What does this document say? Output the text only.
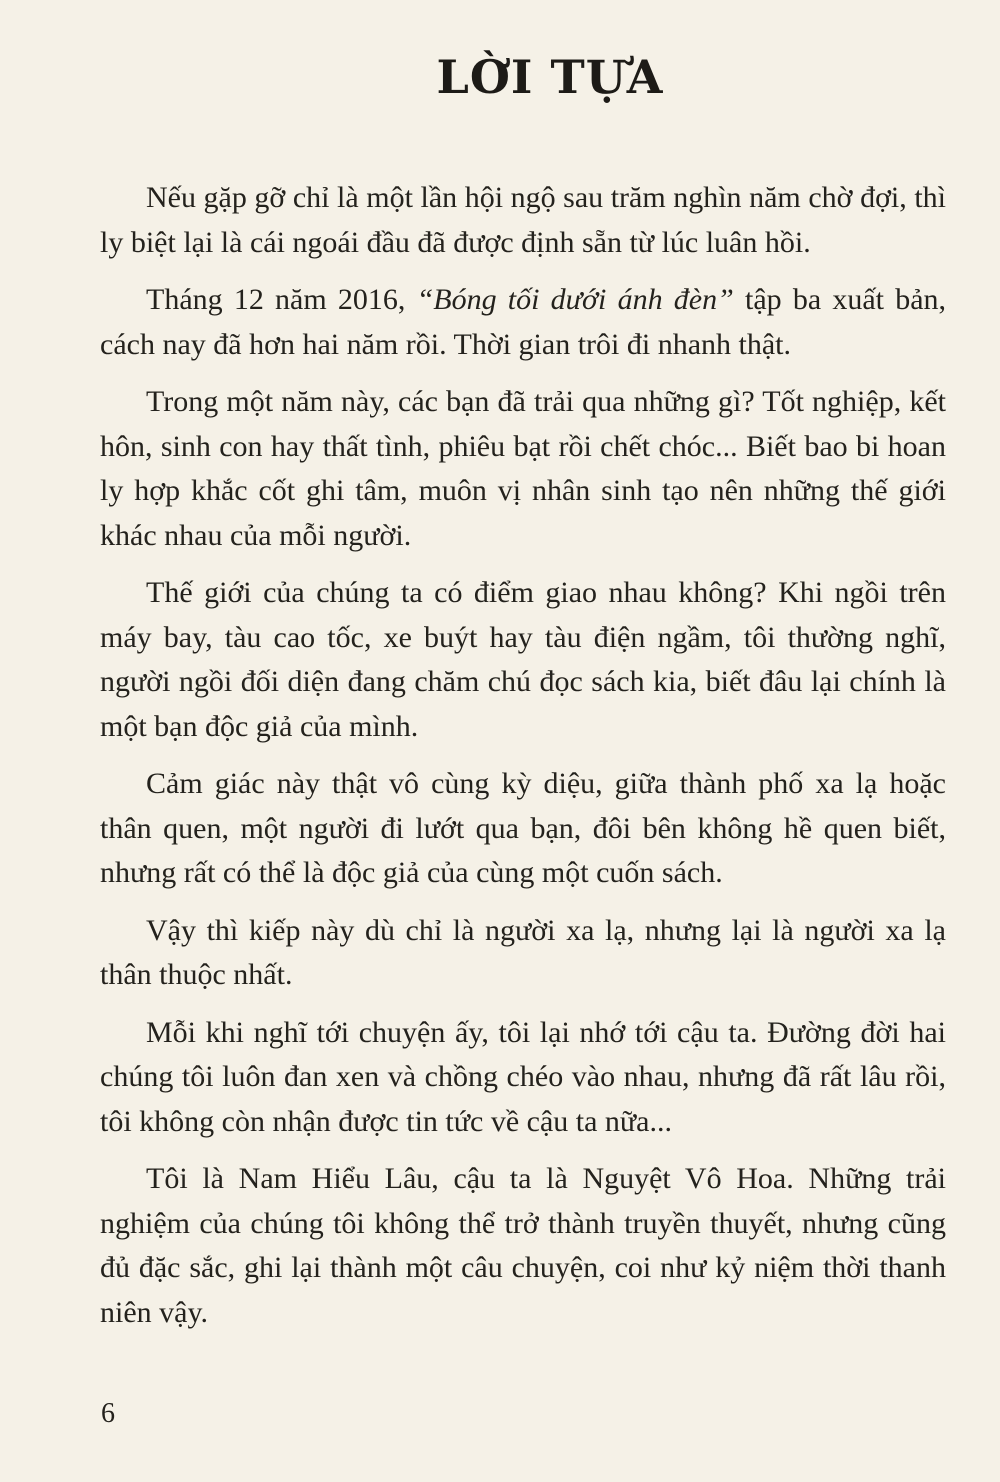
LỜI TỰA

Nếu gặp gỡ chỉ là một lần hội ngộ sau trăm nghìn năm chờ đợi, thì ly biệt lại là cái ngoái đầu đã được định sẵn từ lúc luân hồi.

Tháng 12 năm 2016, “Bóng tối dưới ánh đèn” tập ba xuất bản, cách nay đã hơn hai năm rồi. Thời gian trôi đi nhanh thật.

Trong một năm này, các bạn đã trải qua những gì? Tốt nghiệp, kết hôn, sinh con hay thất tình, phiêu bạt rồi chết chóc... Biết bao bi hoan ly hợp khắc cốt ghi tâm, muôn vị nhân sinh tạo nên những thế giới khác nhau của mỗi người.

Thế giới của chúng ta có điểm giao nhau không? Khi ngồi trên máy bay, tàu cao tốc, xe buýt hay tàu điện ngầm, tôi thường nghĩ, người ngồi đối diện đang chăm chú đọc sách kia, biết đâu lại chính là một bạn độc giả của mình.

Cảm giác này thật vô cùng kỳ diệu, giữa thành phố xa lạ hoặc thân quen, một người đi lướt qua bạn, đôi bên không hề quen biết, nhưng rất có thể là độc giả của cùng một cuốn sách.

Vậy thì kiếp này dù chỉ là người xa lạ, nhưng lại là người xa lạ thân thuộc nhất.

Mỗi khi nghĩ tới chuyện ấy, tôi lại nhớ tới cậu ta. Đường đời hai chúng tôi luôn đan xen và chồng chéo vào nhau, nhưng đã rất lâu rồi, tôi không còn nhận được tin tức về cậu ta nữa...

Tôi là Nam Hiểu Lâu, cậu ta là Nguyệt Vô Hoa. Những trải nghiệm của chúng tôi không thể trở thành truyền thuyết, nhưng cũng đủ đặc sắc, ghi lại thành một câu chuyện, coi như kỷ niệm thời thanh niên vậy.

6
